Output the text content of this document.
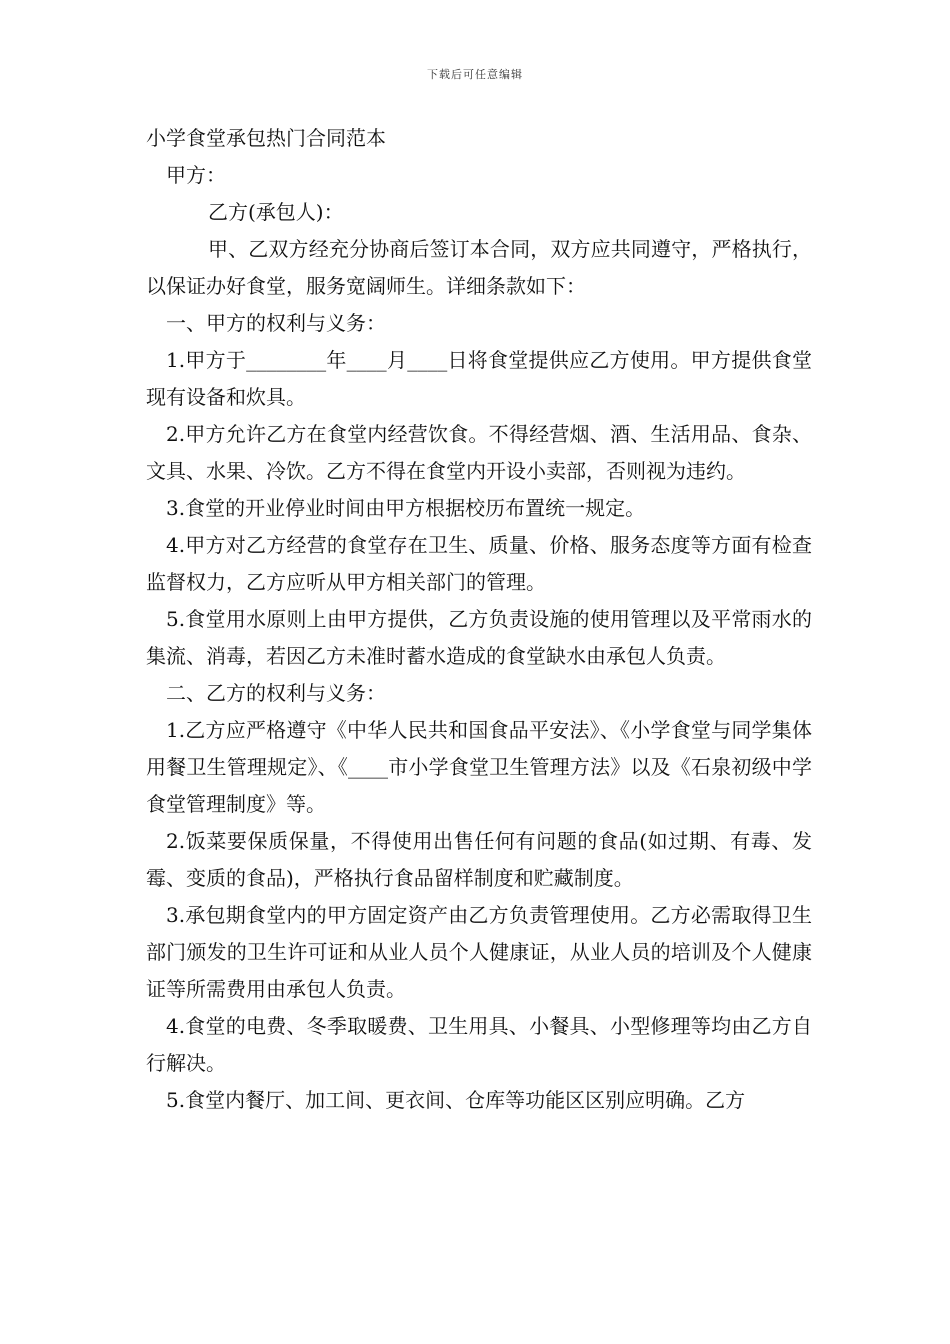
下载后可任意编辑

小学食堂承包热门合同范本

甲方：

乙方(承包人)：

甲、乙双方经充分协商后签订本合同，双方应共同遵守，严格执行，以保证办好食堂，服务宽阔师生。详细条款如下：

一、甲方的权利与义务：

1.甲方于________年____月____日将食堂提供应乙方使用。甲方提供食堂现有设备和炊具。

2.甲方允许乙方在食堂内经营饮食。不得经营烟、酒、生活用品、食杂、文具、水果、冷饮。乙方不得在食堂内开设小卖部，否则视为违约。

3.食堂的开业停业时间由甲方根据校历布置统一规定。

4.甲方对乙方经营的食堂存在卫生、质量、价格、服务态度等方面有检查监督权力，乙方应听从甲方相关部门的管理。

5.食堂用水原则上由甲方提供，乙方负责设施的使用管理以及平常雨水的集流、消毒，若因乙方未准时蓄水造成的食堂缺水由承包人负责。

二、乙方的权利与义务：

1.乙方应严格遵守《中华人民共和国食品平安法》、《小学食堂与同学集体用餐卫生管理规定》、《____市小学食堂卫生管理方法》以及《石泉初级中学食堂管理制度》等。

2.饭菜要保质保量，不得使用出售任何有问题的食品(如过期、有毒、发霉、变质的食品)，严格执行食品留样制度和贮藏制度。

3.承包期食堂内的甲方固定资产由乙方负责管理使用。乙方必需取得卫生部门颁发的卫生许可证和从业人员个人健康证，从业人员的培训及个人健康证等所需费用由承包人负责。

4.食堂的电费、冬季取暖费、卫生用具、小餐具、小型修理等均由乙方自行解决。

5.食堂内餐厅、加工间、更衣间、仓库等功能区区别应明确。乙方
